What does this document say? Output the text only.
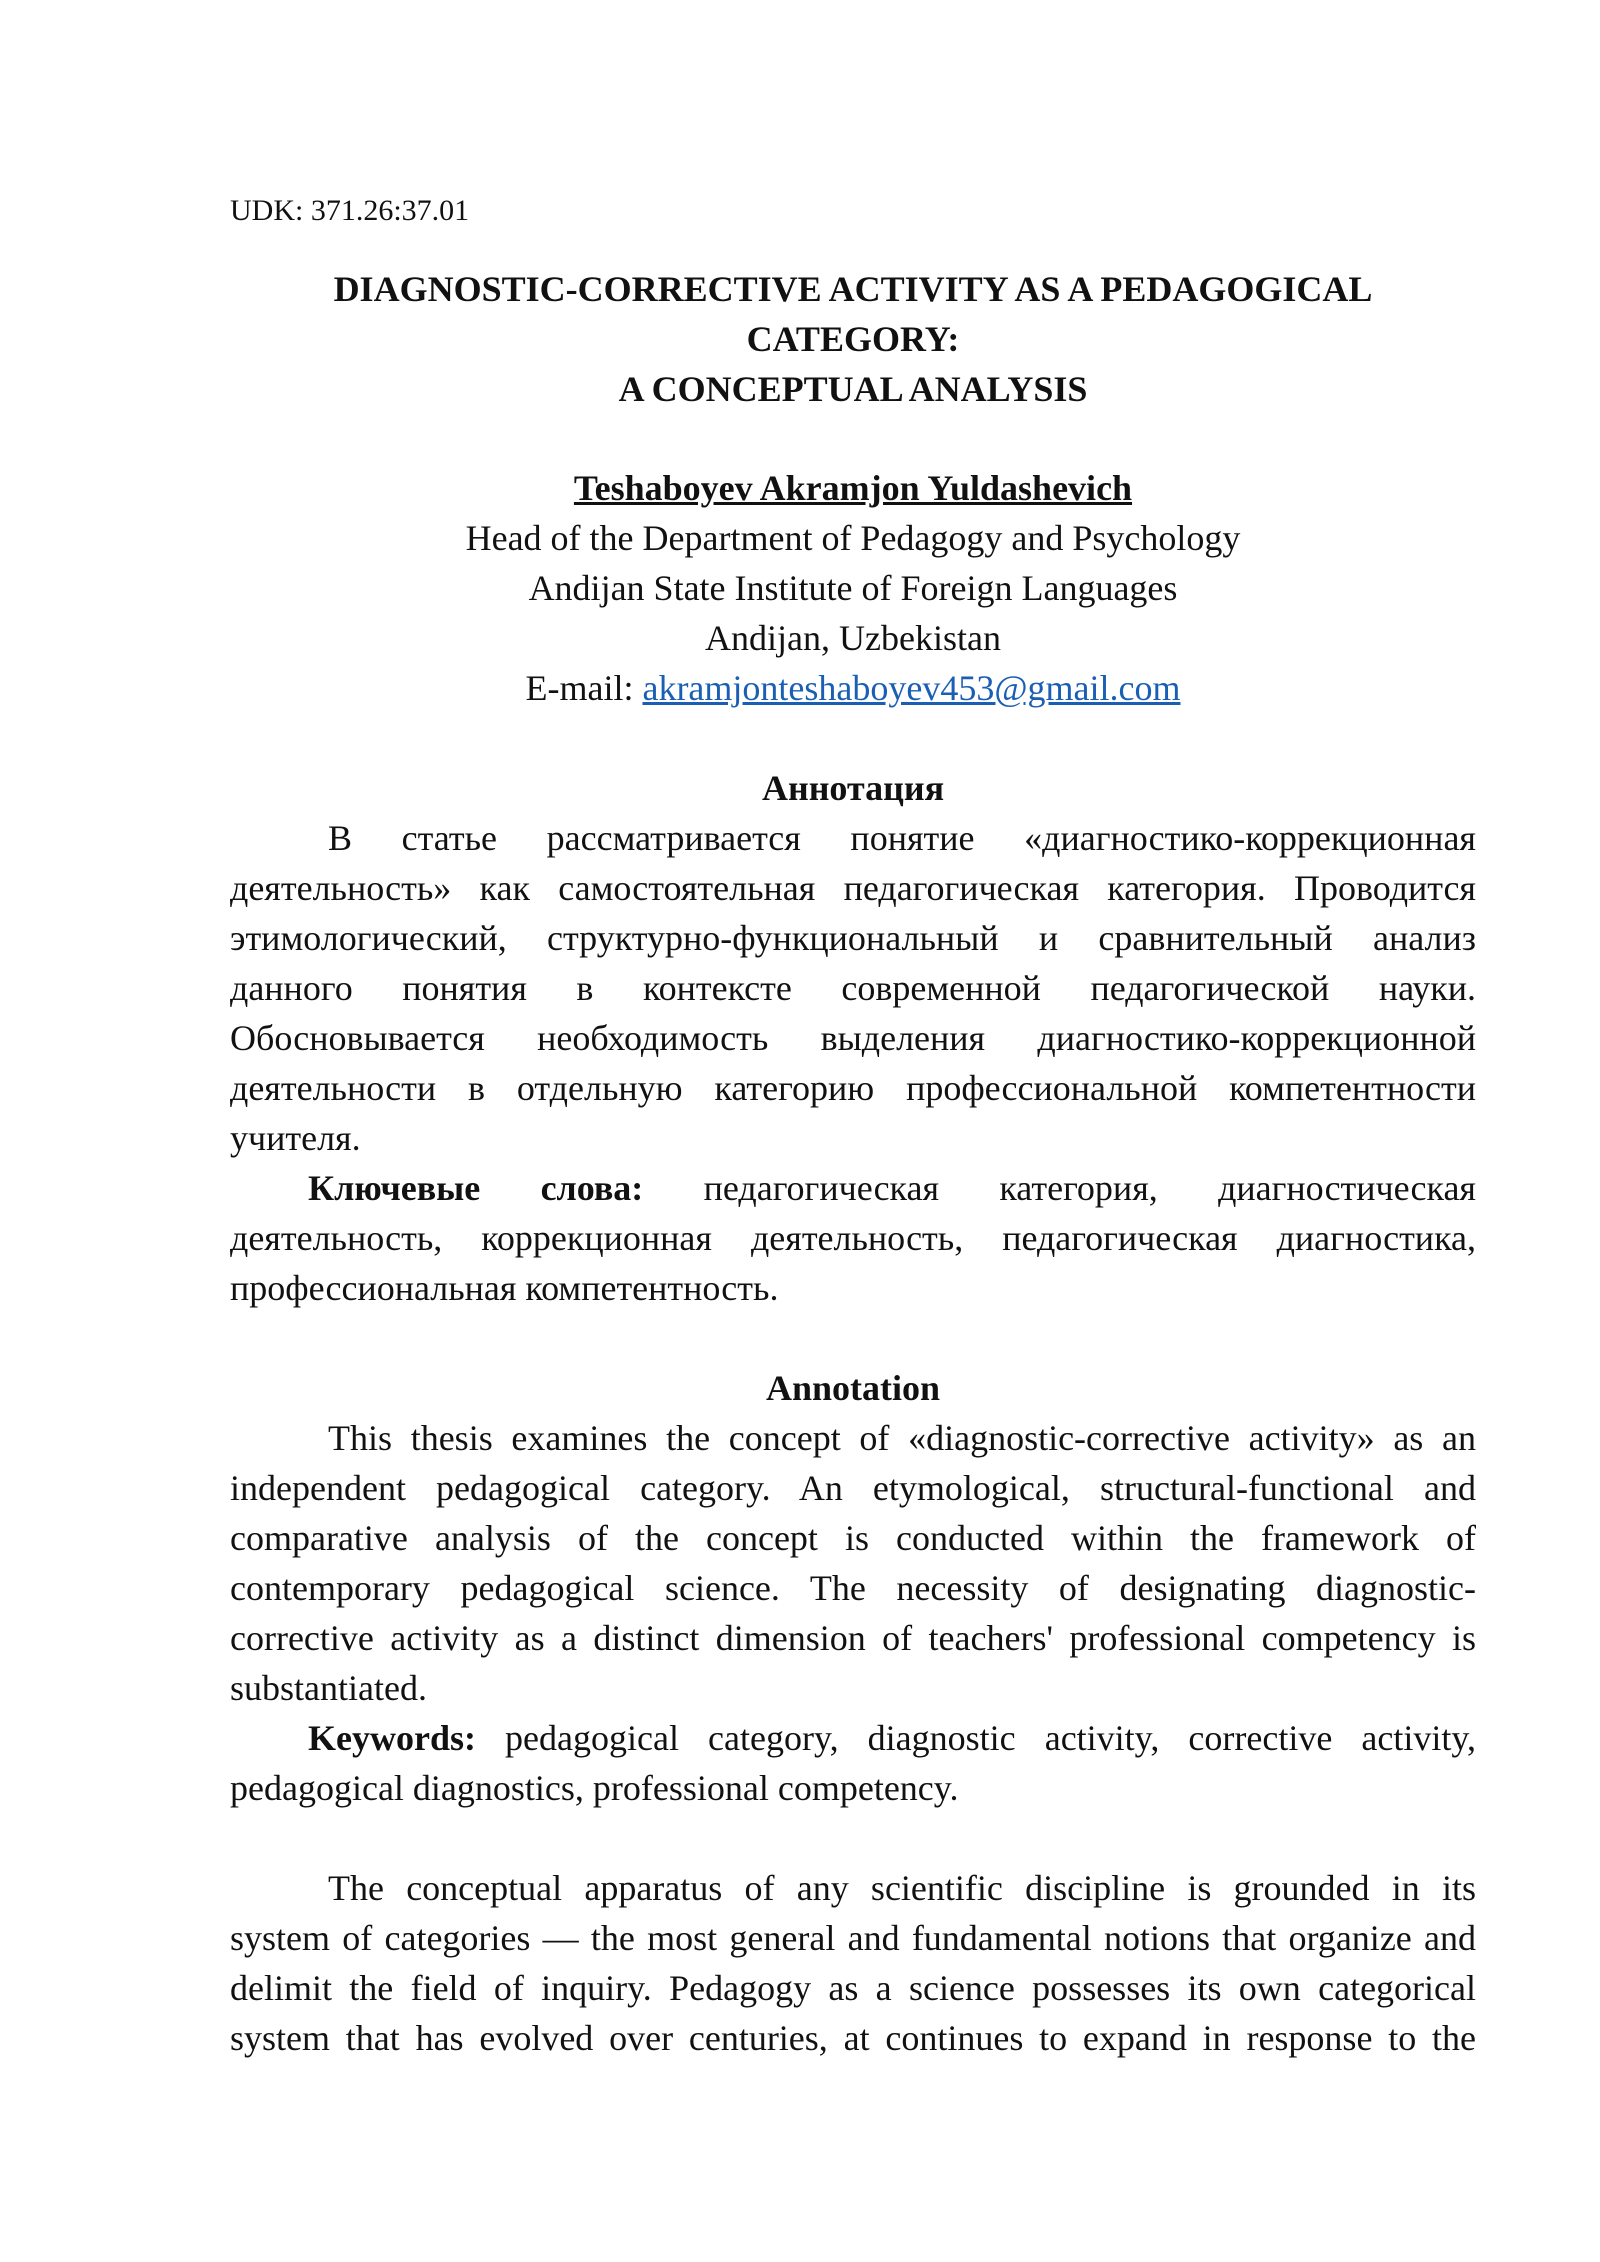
UDK: 371.26:37.01
DIAGNOSTIC-CORRECTIVE ACTIVITY AS A PEDAGOGICAL
CATEGORY:
A CONCEPTUAL ANALYSIS
Teshaboyev Akramjon Yuldashevich
Head of the Department of Pedagogy and Psychology
Andijan State Institute of Foreign Languages
Andijan, Uzbekistan
E-mail: akramjonteshaboyev453@gmail.com
Аннотация
В статье рассматривается понятие «диагностико-коррекционная
деятельность» как самостоятельная педагогическая категория. Проводится
этимологический, структурно-функциональный и сравнительный анализ
данного понятия в контексте современной педагогической науки.
Обосновывается необходимость выделения диагностико-коррекционной
деятельности в отдельную категорию профессиональной компетентности
учителя.
Ключевые слова: педагогическая категория, диагностическая
деятельность, коррекционная деятельность, педагогическая диагностика,
профессиональная компетентность.
Annotation
This thesis examines the concept of «diagnostic-corrective activity» as an
independent pedagogical category. An etymological, structural-functional and
comparative analysis of the concept is conducted within the framework of
contemporary pedagogical science. The necessity of designating diagnostic-
corrective activity as a distinct dimension of teachers' professional competency is
substantiated.
Keywords: pedagogical category, diagnostic activity, corrective activity,
pedagogical diagnostics, professional competency.
The conceptual apparatus of any scientific discipline is grounded in its
system of categories — the most general and fundamental notions that organize and
delimit the field of inquiry. Pedagogy as a science possesses its own categorical
system that has evolved over centuries, at continues to expand in response to the
